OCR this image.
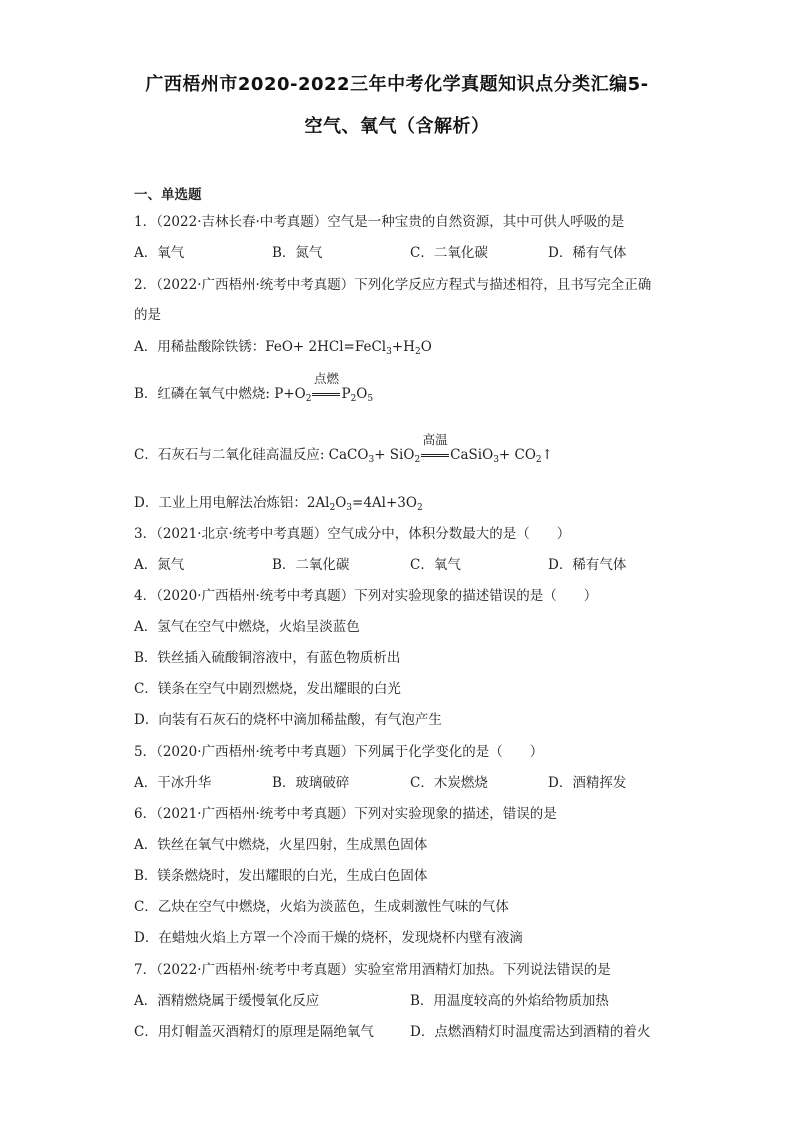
广西梧州市2020-2022三年中考化学真题知识点分类汇编5-
空气、氧气（含解析）
一、单选题
1．（2022·吉林长春·中考真题）空气是一种宝贵的自然资源，其中可供人呼吸的是
A．氧气	B．氮气	C．二氧化碳	D．稀有气体
2．（2022·广西梧州·统考中考真题）下列化学反应方程式与描述相符，且书写完全正确
的是
A．用稀盐酸除铁锈：$FeO+ 2HCl=FeCl_3+H_2O$
B．红磷在氧气中燃烧: $P+O_2$
点燃
$P_2O_5$
C．石灰石与二氧化硅高温反应: CaCO$_3$+ SiO$_2$
高温
CaSiO$_3$+ $CO_2↑$
D．工业上用电解法冶炼铝：$2Al_2O_3=4Al+3O_2$
3．（2021·北京·统考中考真题）空气成分中，体积分数最大的是（　　）
A．氮气	B．二氧化碳	C．氧气	D．稀有气体
4．（2020·广西梧州·统考中考真题）下列对实验现象的描述错误的是（　　）
A．氢气在空气中燃烧，火焰呈淡蓝色
B．铁丝插入硫酸铜溶液中，有蓝色物质析出
C．镁条在空气中剧烈燃烧，发出耀眼的白光
D．向装有石灰石的烧杯中滴加稀盐酸，有气泡产生
5．（2020·广西梧州·统考中考真题）下列属于化学变化的是（　　）
A．干冰升华	B．玻璃破碎	C．木炭燃烧	D．酒精挥发
6．（2021·广西梧州·统考中考真题）下列对实验现象的描述，错误的是
A．铁丝在氧气中燃烧，火星四射，生成黑色固体
B．镁条燃烧时，发出耀眼的白光，生成白色固体
C．乙炔在空气中燃烧，火焰为淡蓝色，生成刺激性气味的气体
D．在蜡烛火焰上方罩一个冷而干燥的烧杯，发现烧杯内壁有液滴
7．（2022·广西梧州·统考中考真题）实验室常用酒精灯加热。下列说法错误的是
A．酒精燃烧属于缓慢氧化反应	B．用温度较高的外焰给物质加热
C．用灯帽盖灭酒精灯的原理是隔绝氧气	D．点燃酒精灯时温度需达到酒精的着火
